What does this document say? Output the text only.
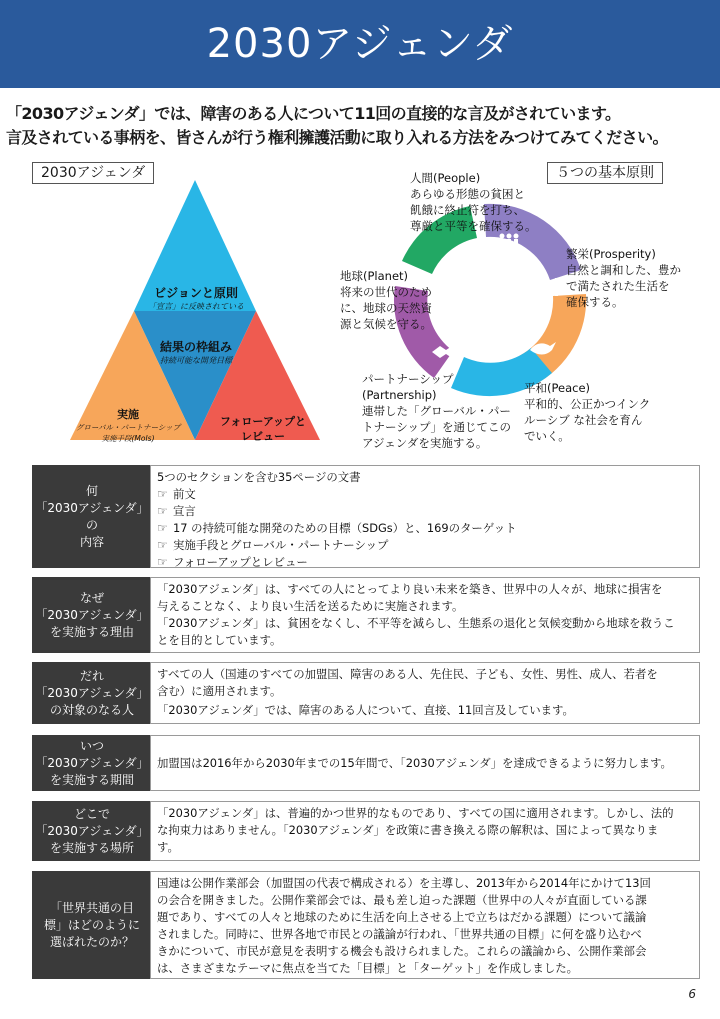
2030アジェンダ

「2030アジェンダ」では、障害のある人について11回の直接的な言及がされています。

言及されている事柄を、皆さんが行う権利擁護活動に取り入れる方法をみつけてみてください。

2030アジェンダ
ビジョンと原則
「宣言」に反映されている
結果の枠組み
持続可能な開発目標
実施
グローバル・パートナーシップ
実施手段(MoIs)
フォローアップと
レビュー
５つの基本原則
人間(People)
あらゆる形態の貧困と
飢餓に終止符を打ち、
尊厳と平等を確保する。
繁栄(Prosperity)
自然と調和した、豊か
で満たされた生活を
確保する。
地球(Planet)
将来の世代のため
に、地球の天然資
源と気候を守る。
パートナーシップ
(Partnership)
連帯した「グローバル・パー
トナーシップ」を通じてこの
アジェンダを実施する。
平和(Peace)
平和的、公正かつインク
ルーシブ な社会を育ん
でいく。
何
「2030アジェンダ」の
内容

5つのセクションを含む35ページの文書

☞ 前文
☞ 宣言
☞ 17 の持続可能な開発のための目標（SDGs）と、169のターゲット
☞ 実施手段とグローバル・パートナーシップ
☞ フォローアップとレビュー
なぜ
「2030アジェンダ」
を実施する理由

「2030アジェンダ」は、すべての人にとってより良い未来を築き、世界中の人々が、地球に損害を

与えることなく、より良い生活を送るために実施されます。

「2030アジェンダ」は、貧困をなくし、不平等を減らし、生態系の退化と気候変動から地球を救うこ

とを目的としています。

だれ
「2030アジェンダ」
の対象のなる人

すべての人（国連のすべての加盟国、障害のある人、先住民、子ども、女性、男性、成人、若者を

含む）に適用されます。

「2030アジェンダ」では、障害のある人について、直接、11回言及しています。

いつ
「2030アジェンダ」
を実施する期間

加盟国は2016年から2030年までの15年間で、「2030アジェンダ」を達成できるように努力します。

どこで
「2030アジェンダ」
を実施する場所

「2030アジェンダ」は、普遍的かつ世界的なものであり、すべての国に適用されます。しかし、法的

な拘束力はありません。「2030アジェンダ」を政策に書き換える際の解釈は、国によって異なりま

す。

「世界共通の目
標」はどのように
選ばれたのか？

国連は公開作業部会（加盟国の代表で構成される）を主導し、2013年から2014年にかけて13回

の会合を開きました。公開作業部会では、最も差し迫った課題（世界中の人々が直面している課

題であり、すべての人々と地球のために生活を向上させる上で立ちはだかる課題）について議論

されました。同時に、世界各地で市民との議論が行われ、「世界共通の目標」に何を盛り込むべ

きかについて、市民が意見を表明する機会も設けられました。これらの議論から、公開作業部会

は、さまざまなテーマに焦点を当てた「目標」と「ターゲット」を作成しました。

6
